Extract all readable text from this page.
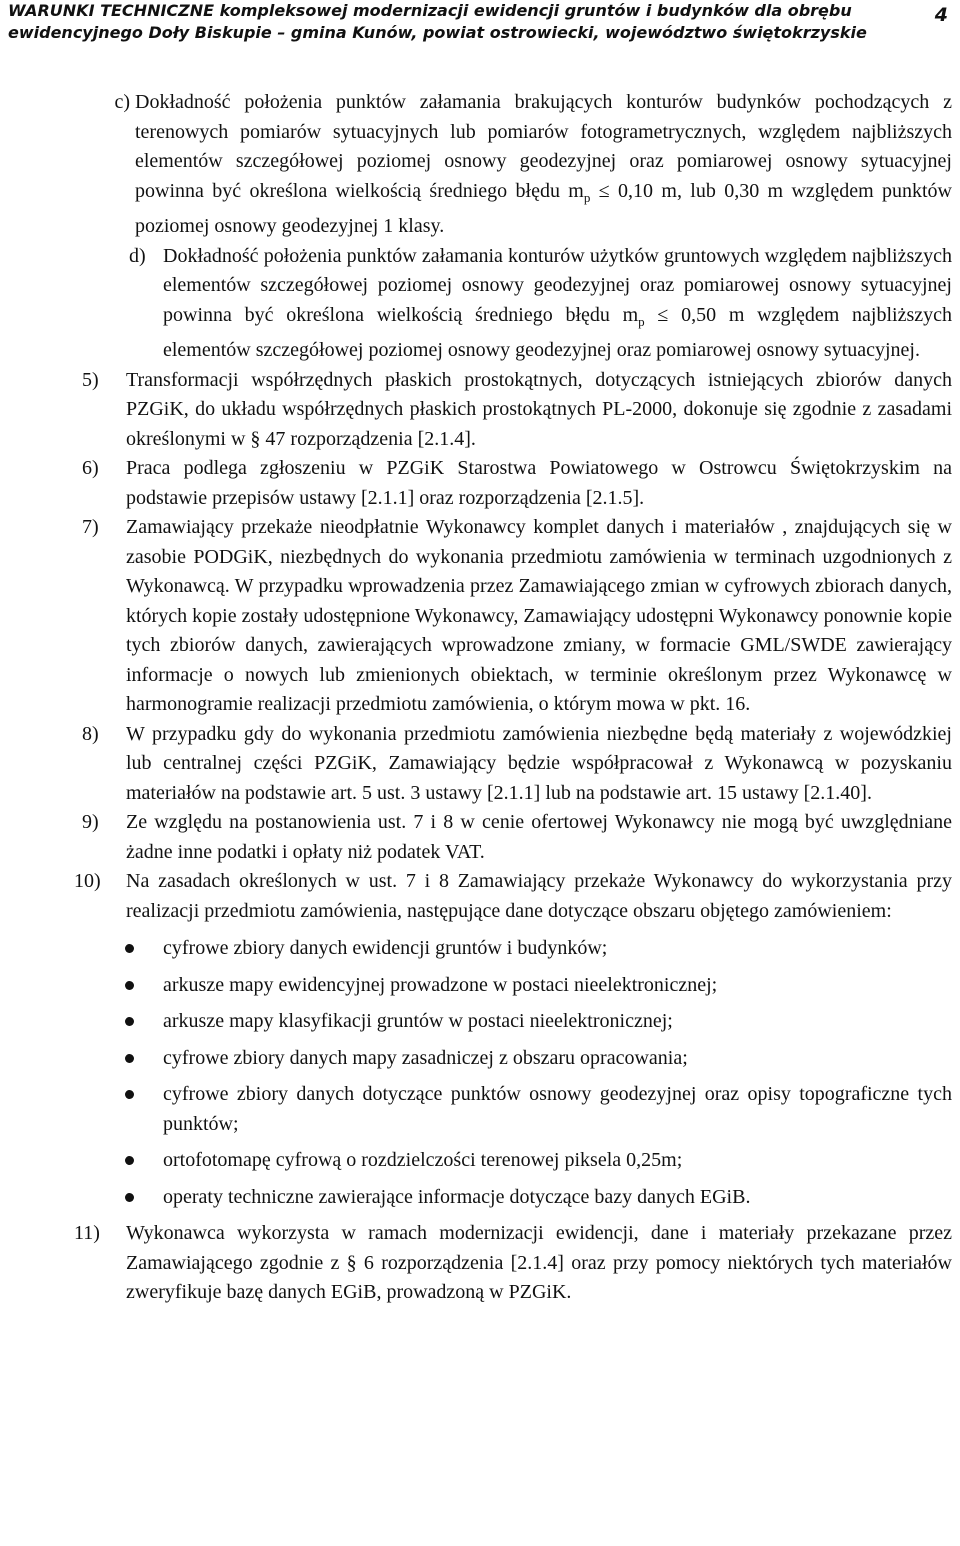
WARUNKI TECHNICZNE kompleksowej modernizacji ewidencji gruntów i budynków dla obrębu
ewidencyjnego Doły Biskupie – gmina Kunów, powiat ostrowiecki, województwo świętokrzyskie
4
c) Dokładność położenia punktów załamania brakujących konturów budynków pochodzących z terenowych pomiarów sytuacyjnych lub pomiarów fotogrametrycznych, względem najbliższych elementów szczegółowej poziomej osnowy geodezyjnej oraz pomiarowej osnowy sytuacyjnej powinna być określona wielkością średniego błędu $m_p \le 0,10$ m, lub 0,30 m względem punktów poziomej osnowy geodezyjnej 1 klasy.
d) Dokładność położenia punktów załamania konturów użytków gruntowych względem najbliższych elementów szczegółowej poziomej osnowy geodezyjnej oraz pomiarowej osnowy sytuacyjnej powinna być określona wielkością średniego błędu $m_p \le 0,50$ m względem najbliższych elementów szczegółowej poziomej osnowy geodezyjnej oraz pomiarowej osnowy sytuacyjnej.
5) Transformacji współrzędnych płaskich prostokątnych, dotyczących istniejących zbiorów danych PZGiK, do układu współrzędnych płaskich prostokątnych PL-2000, dokonuje się zgodnie z zasadami określonymi w § 47 rozporządzenia [2.1.4].
6) Praca podlega zgłoszeniu w PZGiK Starostwa Powiatowego w Ostrowcu Świętokrzyskim na podstawie przepisów ustawy [2.1.1] oraz rozporządzenia [2.1.5].
7) Zamawiający przekaże nieodpłatnie Wykonawcy komplet danych i materiałów , znajdujących się w zasobie PODGiK, niezbędnych do wykonania przedmiotu zamówienia w terminach uzgodnionych z Wykonawcą. W przypadku wprowadzenia przez Zamawiającego zmian w cyfrowych zbiorach danych, których kopie zostały udostępnione Wykonawcy, Zamawiający udostępni Wykonawcy ponownie kopie tych zbiorów danych, zawierających wprowadzone zmiany, w formacie GML/SWDE zawierający informacje o nowych lub zmienionych obiektach, w terminie określonym przez Wykonawcę w harmonogramie realizacji przedmiotu zamówienia, o którym mowa w pkt. 16.
8) W przypadku gdy do wykonania przedmiotu zamówienia niezbędne będą materiały z wojewódzkiej lub centralnej części PZGiK, Zamawiający będzie współpracował z Wykonawcą w pozyskaniu materiałów na podstawie art. 5 ust. 3 ustawy [2.1.1] lub na podstawie art. 15 ustawy [2.1.40].
9) Ze względu na postanowienia ust. 7 i 8 w cenie ofertowej Wykonawcy nie mogą być uwzględniane żadne inne podatki i opłaty niż podatek VAT.
10) Na zasadach określonych w ust. 7 i 8 Zamawiający przekaże Wykonawcy do wykorzystania przy realizacji przedmiotu zamówienia, następujące dane dotyczące obszaru objętego zamówieniem:
cyfrowe zbiory danych ewidencji gruntów i budynków;
arkusze mapy ewidencyjnej prowadzone w postaci nieelektronicznej;
arkusze mapy klasyfikacji gruntów w postaci nieelektronicznej;
cyfrowe zbiory danych mapy zasadniczej z obszaru opracowania;
cyfrowe zbiory danych dotyczące punktów osnowy geodezyjnej oraz opisy topograficzne tych punktów;
ortofotomapę cyfrową o rozdzielczości terenowej piksela 0,25m;
operaty techniczne zawierające informacje dotyczące bazy danych EGiB.
11) Wykonawca wykorzysta w ramach modernizacji ewidencji, dane i materiały przekazane przez Zamawiającego zgodnie z § 6 rozporządzenia [2.1.4] oraz przy pomocy niektórych tych materiałów zweryfikuje bazę danych EGiB, prowadzoną w PZGiK.
